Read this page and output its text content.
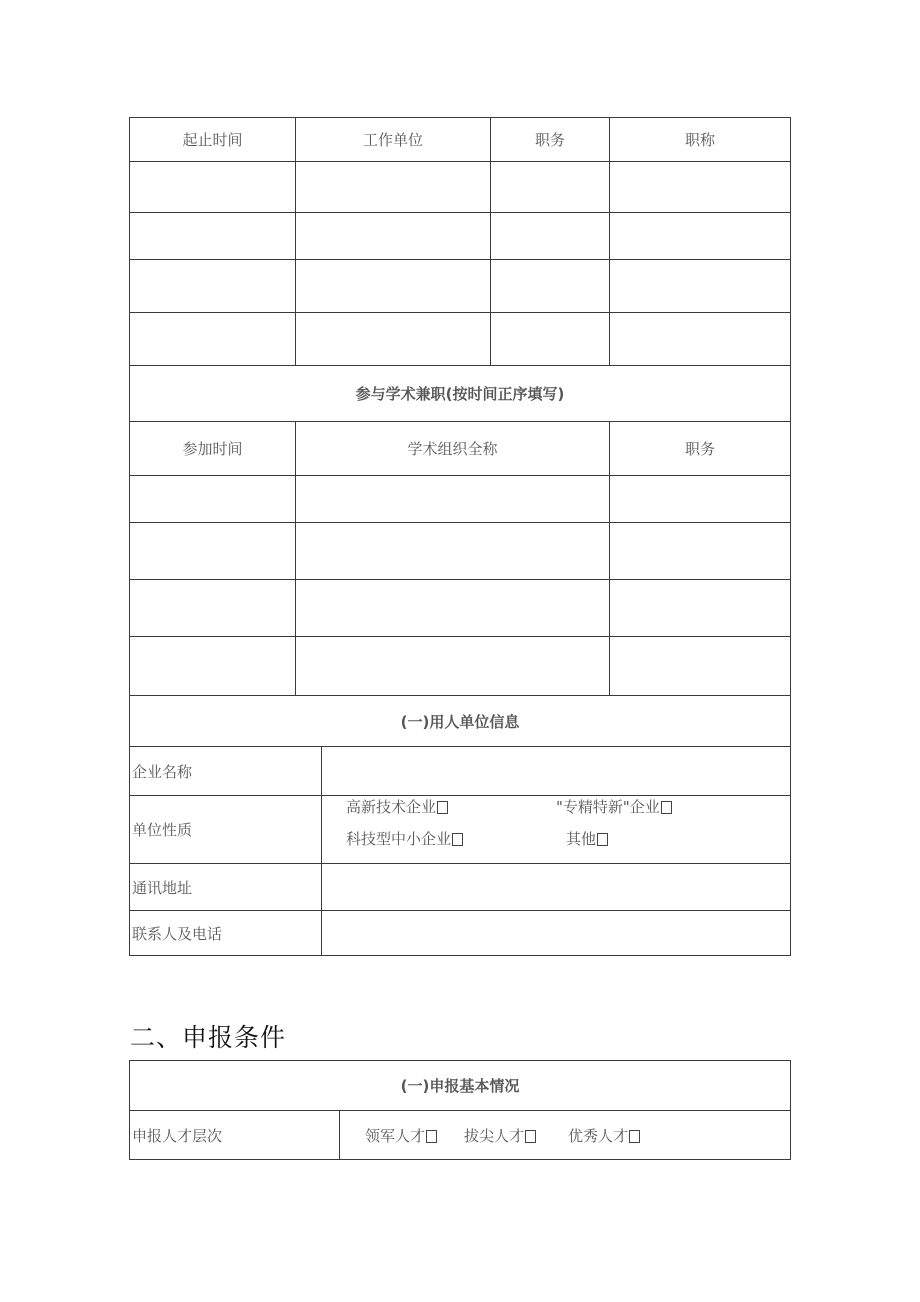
起止时间	工作单位		职务	职称

参与学术兼职(按时间正序填写)				
参加时间	学术组织全称			职务

(一)用人单位信息				
企业名称				
单位性质		高新技术企业 "专精特新"企业
科技型中小企业 其他		

通讯地址				
联系人及电话				
二、申报条件
(一)申报基本情况
申报人才层次	领军人才	拔尖人才	优秀人才
